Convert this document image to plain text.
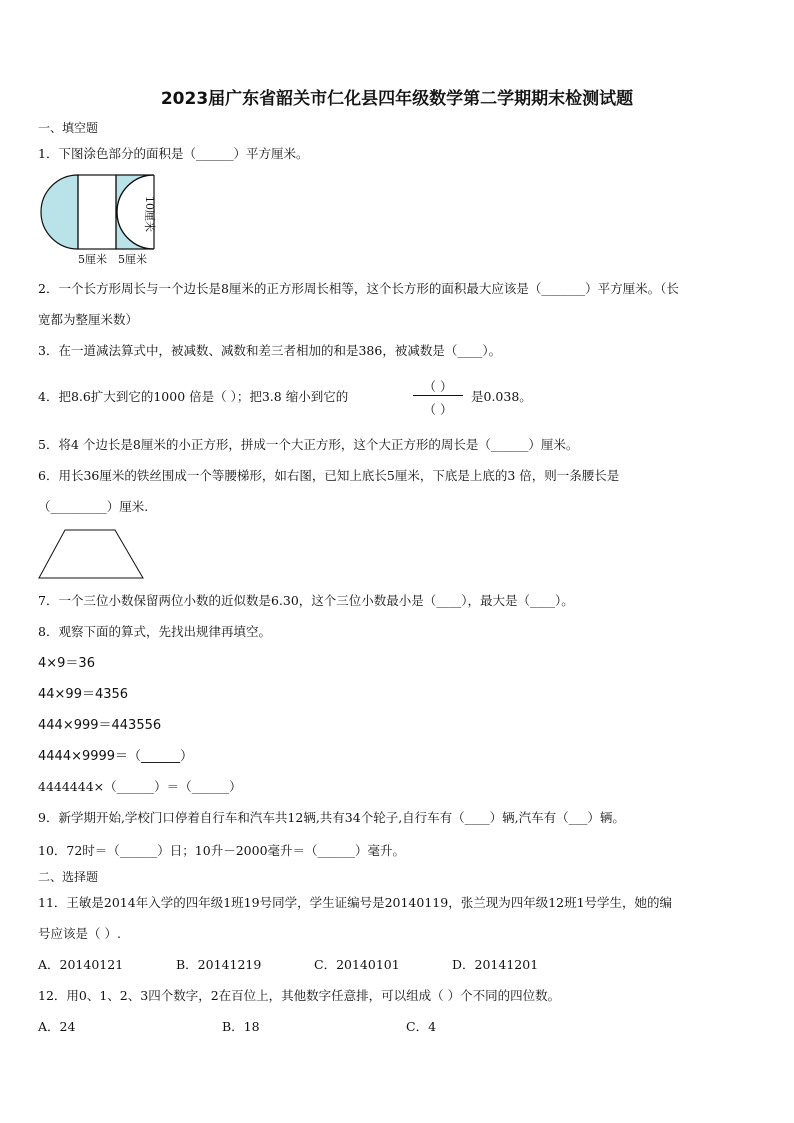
2023届广东省韶关市仁化县四年级数学第二学期期末检测试题
一、填空题
1．下图涂色部分的面积是（______）平方厘米。
10厘米
5厘米 5厘米
2．一个长方形周长与一个边长是8厘米的正方形周长相等，这个长方形的面积最大应该是（_______）平方厘米。（长
宽都为整厘米数）
3．在一道减法算式中，被减数、减数和差三者相加的和是386，被减数是（____）。
4．把8.6扩大到它的1000 倍是（ ）；把3.8 缩小到它的
（ ）
（ ）
是0.038。
5．将4 个边长是8厘米的小正方形，拼成一个大正方形，这个大正方形的周长是（______）厘米。
6．用长36厘米的铁丝围成一个等腰梯形，如右图，已知上底长5厘米，下底是上底的3 倍，则一条腰长是
（_________）厘米.
7．一个三位小数保留两位小数的近似数是6.30，这个三位小数最小是（____），最大是（____）。
8．观察下面的算式，先找出规律再填空。
4×9＝36
44×99＝4356
444×999＝443556
4444×9999＝（______）
4444444×（______）＝（______）
9．新学期开始,学校门口停着自行车和汽车共12辆,共有34个轮子,自行车有（____）辆,汽车有（___）辆。
10．72时＝（______）日；10升－2000毫升＝（______）毫升。
二、选择题
11．王敏是2014年入学的四年级1班19号同学，学生证编号是20140119，张兰现为四年级12班1号学生，她的编
号应该是（ ）.
A．20140121	B．20141219	C．20140101	D．20141201
12．用0、1、2、3四个数字，2在百位上，其他数字任意排，可以组成（ ）个不同的四位数。
A．24	B．18	C．4
